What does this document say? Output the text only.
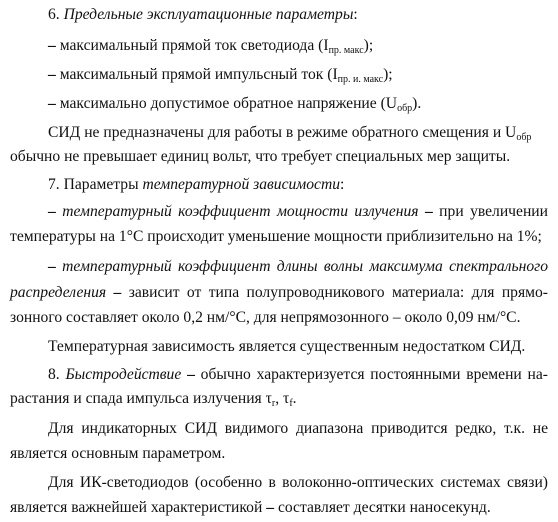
6. Предельные эксплуатационные параметры:
– максимальный прямой ток светодиода $(I_{пр. макс})$;
– максимальный прямой импульсный ток $(I_{пр. и. макс})$;
– максимально допустимое обратное напряжение $(U_{обр})$.
СИД не предназначены для работы в режиме обратного смещения и $U_{обр}$
обычно не превышает единиц вольт, что требует специальных мер защиты.
7. Параметры температурной зависимости:
– температурный коэффициент мощности излучения – при увеличении
температуры на 1°С происходит уменьшение мощности приблизительно на 1%;
– температурный коэффициент длины волны максимума спектрального
распределения – зависит от типа полупроводникового материала: для прямо-
зонного составляет около 0,2 нм/°С, для непрямозонного – около 0,09 нм/°С.
Температурная зависимость является существенным недостатком СИД.
8. Быстродействие – обычно характеризуется постоянными времени на-
растания и спада импульса излучения $\tau_r$, $\tau_f$.
Для индикаторных СИД видимого диапазона приводится редко, т.к. не
является основным параметром.
Для ИК-светодиодов (особенно в волоконно-оптических системах связи)
является важнейшей характеристикой – составляет десятки наносекунд.
